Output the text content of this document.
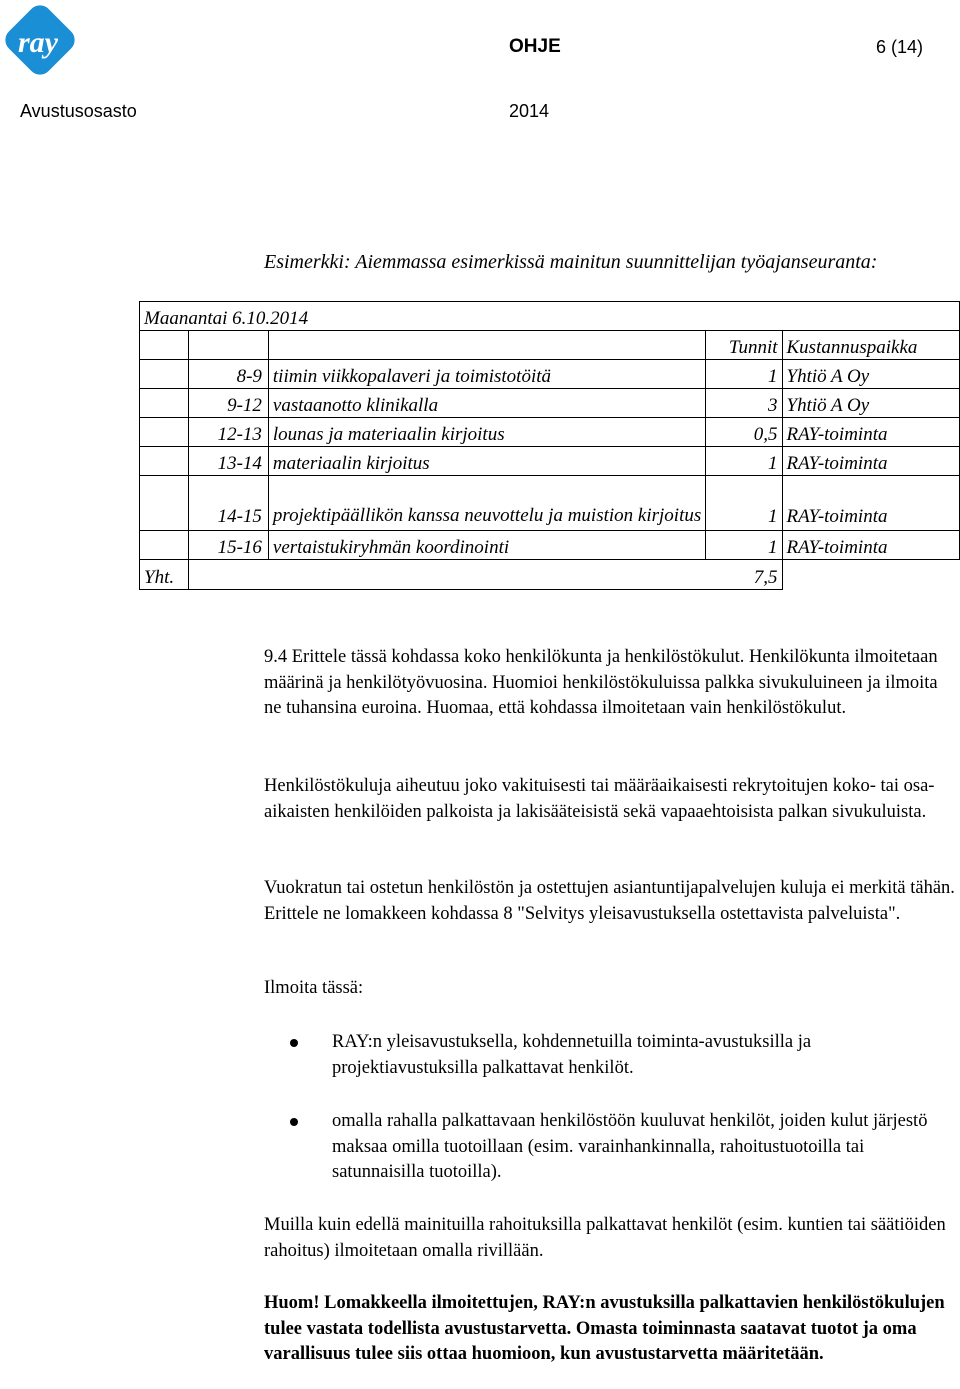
ray	OHJE	6 (14)
Avustusosasto	2014
Esimerkki: Aiemmassa esimerkissä mainitun suunnittelijan työajanseuranta:
Maanantai 6.10.2014				
			Tunnit	Kustannuspaikka
	8-9	tiimin viikkopalaveri ja toimistotöitä	1	Yhtiö A Oy
	9-12	vastaanotto klinikalla	3	Yhtiö A Oy
	12-13	lounas ja materiaalin kirjoitus	0,5	RAY-toiminta
	13-14	materiaalin kirjoitus	1	RAY-toiminta
	14-15	projektipäällikön kanssa neuvottelu ja muistion kirjoitus	1	RAY-toiminta
	15-16	vertaistukiryhmän koordinointi	1	RAY-toiminta
Yht.	7,5			

9.4 Erittele tässä kohdassa koko henkilökunta ja henkilöstökulut. Henkilökunta ilmoitetaan määrinä ja henkilötyövuosina. Huomioi henkilöstökuluissa palkka sivukuluineen ja ilmoita ne tuhansina euroina. Huomaa, että kohdassa ilmoitetaan vain henkilöstökulut.

Henkilöstökuluja aiheutuu joko vakituisesti tai määräaikaisesti rekrytoitujen koko- tai osa-aikaisten henkilöiden palkoista ja lakisääteisistä sekä vapaaehtoisista palkan sivukuluista.

Vuokratun tai ostetun henkilöstön ja ostettujen asiantuntijapalvelujen kuluja ei merkitä tähän. Erittele ne lomakkeen kohdassa 8 "Selvitys yleisavustuksella ostettavista palveluista".

Ilmoita tässä:

RAY:n yleisavustuksella, kohdennetuilla toiminta-avustuksilla ja projektiavustuksilla palkattavat henkilöt.
omalla rahalla palkattavaan henkilöstöön kuuluvat henkilöt, joiden kulut järjestö maksaa omilla tuotoillaan (esim. varainhankinnalla, rahoitustuotoilla tai satunnaisilla tuotoilla).

Muilla kuin edellä mainituilla rahoituksilla palkattavat henkilöt (esim. kuntien tai säätiöiden rahoitus) ilmoitetaan omalla rivillään.

Huom! Lomakkeella ilmoitettujen, RAY:n avustuksilla palkattavien henkilöstökulujen tulee vastata todellista avustustarvetta. Omasta toiminnasta saatavat tuotot ja oma varallisuus tulee siis ottaa huomioon, kun avustustarvetta määritetään.
